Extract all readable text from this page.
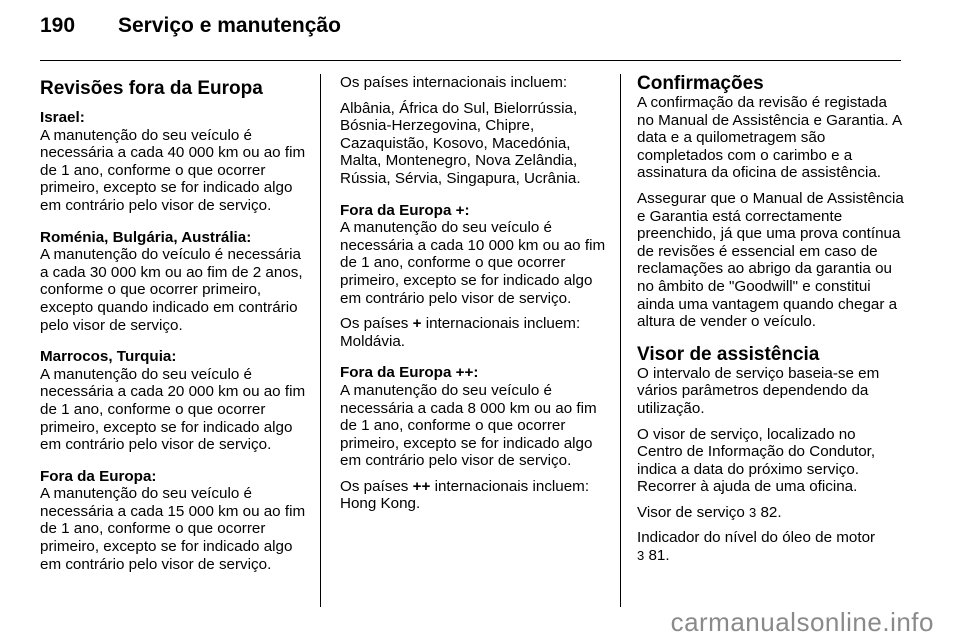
190	Serviço e manutenção
Revisões fora da Europa
Israel:
A manutenção do seu veículo é necessária a cada 40 000 km ou ao fim de 1 ano, conforme o que ocorrer primeiro, excepto se for indicado algo em contrário pelo visor de serviço.
Roménia, Bulgária, Austrália:
A manutenção do veículo é necessária a cada 30 000 km ou ao fim de 2 anos, conforme o que ocorrer primeiro, excepto quando indicado em contrário pelo visor de serviço.
Marrocos, Turquia:
A manutenção do seu veículo é necessária a cada 20 000 km ou ao fim de 1 ano, conforme o que ocorrer primeiro, excepto se for indicado algo em contrário pelo visor de serviço.
Fora da Europa:
A manutenção do seu veículo é necessária a cada 15 000 km ou ao fim de 1 ano, conforme o que ocorrer primeiro, excepto se for indicado algo em contrário pelo visor de serviço.

Os países internacionais incluem:

Albânia, África do Sul, Bielorrússia, Bósnia-Herzegovina, Chipre, Cazaquistão, Kosovo, Macedónia, Malta, Montenegro, Nova Zelândia, Rússia, Sérvia, Singapura, Ucrânia.

Fora da Europa +:

A manutenção do seu veículo é necessária a cada 10 000 km ou ao fim de 1 ano, conforme o que ocorrer primeiro, excepto se for indicado algo em contrário pelo visor de serviço.

Os países + internacionais incluem:
Moldávia.

Fora da Europa ++:

A manutenção do seu veículo é necessária a cada 8 000 km ou ao fim de 1 ano, conforme o que ocorrer primeiro, excepto se for indicado algo em contrário pelo visor de serviço.

Os países ++ internacionais incluem:
Hong Kong.

Confirmações

A confirmação da revisão é registada no Manual de Assistência e Garantia. A data e a quilometragem são completados com o carimbo e a assinatura da oficina de assistência.

Assegurar que o Manual de Assistência e Garantia está correctamente preenchido, já que uma prova contínua de revisões é essencial em caso de reclamações ao abrigo da garantia ou no âmbito de "Goodwill" e constitui ainda uma vantagem quando chegar a altura de vender o veículo.

Visor de assistência

O intervalo de serviço baseia-se em vários parâmetros dependendo da utilização.

O visor de serviço, localizado no Centro de Informação do Condutor, indica a data do próximo serviço. Recorrer à ajuda de uma oficina.

Visor de serviço 3 82.

Indicador do nível do óleo de motor
3 81.

carmanualsonline.info
